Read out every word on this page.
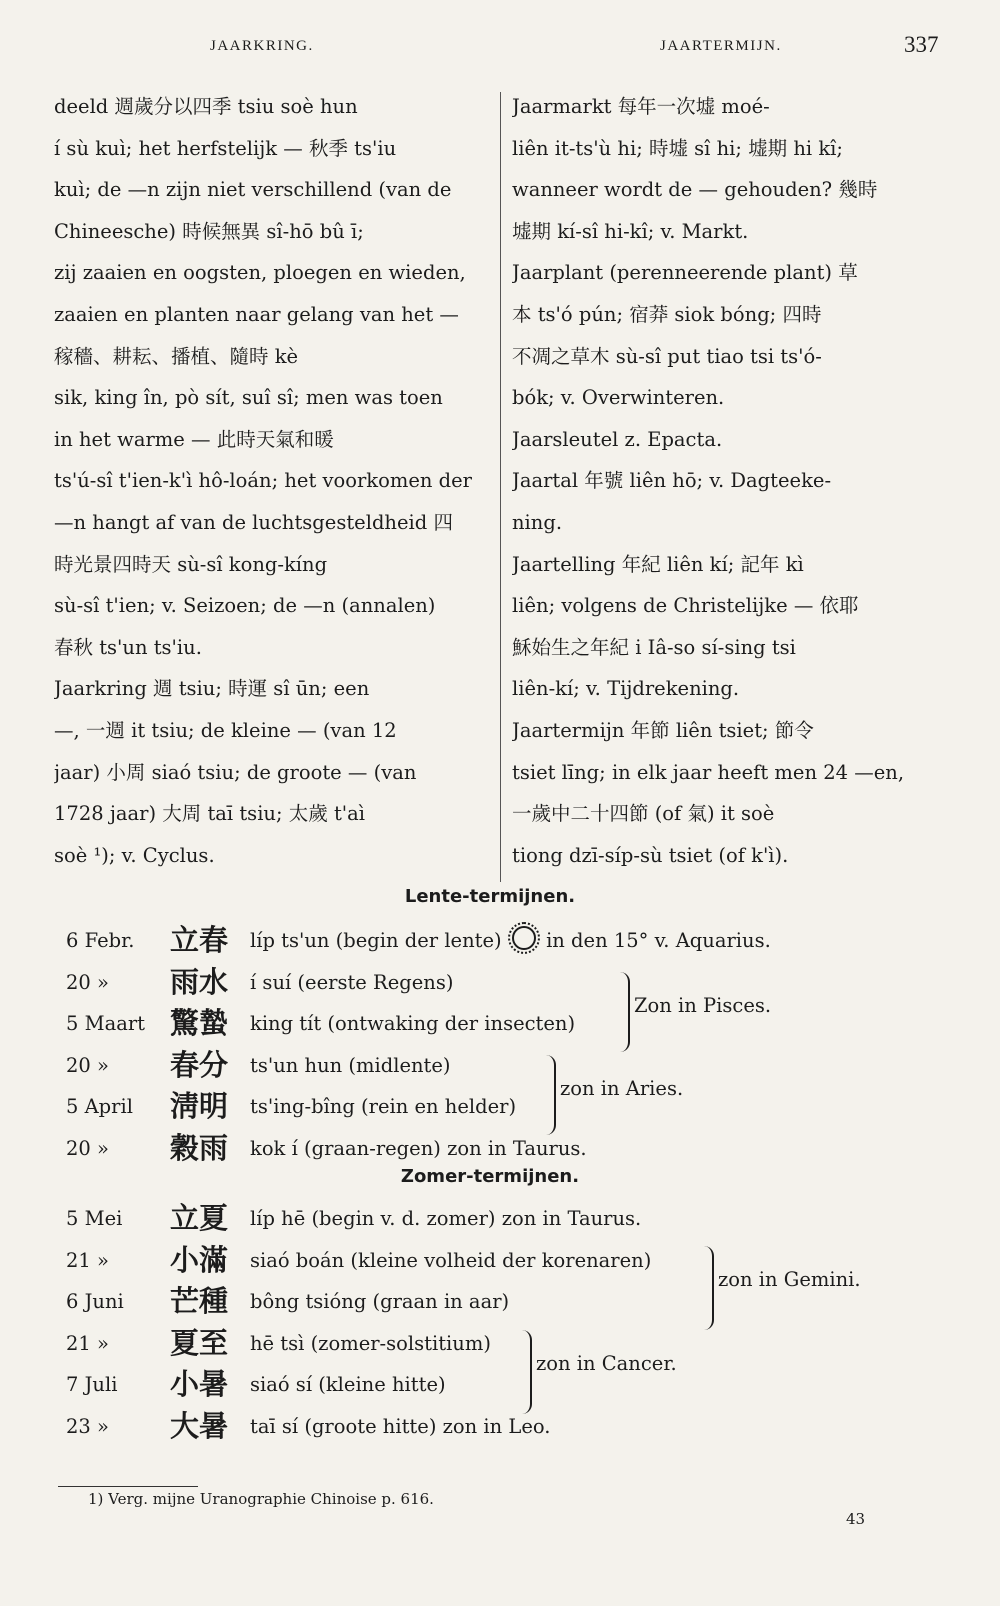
JAARKRING.	JAARTERMIJN.	337

deeld 週歲分以四季 tsiu soè hun

í sù kuì; het herfstelijk — 秋季 ts'iu

kuì; de —n zijn niet verschillend (van de

Chineesche) 時候無異 sî-hō bû ī;

zij zaaien en oogsten, ploegen en wieden,

zaaien en planten naar gelang van het —

稼穡、耕耘、播植、隨時 kè

sik, king în, pò sít, suî sî; men was toen

in het warme — 此時天氣和暖

ts'ú-sî t'ien-k'ì hô-loán; het voorkomen der

—n hangt af van de luchtsgesteldheid 四

時光景四時天 sù-sî kong-kíng

sù-sî t'ien; v. Seizoen; de —n (annalen)

春秋 ts'un ts'iu.

Jaarkring 週 tsiu; 時運 sî ūn; een

—, 一週 it tsiu; de kleine — (van 12

jaar) 小周 siaó tsiu; de groote — (van

1728 jaar) 大周 taī tsiu; 太歲 t'aì

soè ¹); v. Cyclus.

Jaarmarkt 每年一次墟 moé-

liên it-ts'ù hi; 時墟 sî hi; 墟期 hi kî;

wanneer wordt de — gehouden? 幾時

墟期 kí-sî hi-kî; v. Markt.

Jaarplant (perenneerende plant) 草

本 ts'ó pún; 宿莽 siok bóng; 四時

不凋之草木 sù-sî put tiao tsi ts'ó-

bók; v. Overwinteren.

Jaarsleutel z. Epacta.

Jaartal 年號 liên hō; v. Dagteeke-

ning.

Jaartelling 年紀 liên kí; 記年 kì

liên; volgens de Christelijke — 依耶

穌始生之年紀 i Iâ-so sí-sing tsi

liên-kí; v. Tijdrekening.

Jaartermijn 年節 liên tsiet; 節令

tsiet līng; in elk jaar heeft men 24 —en,

一歲中二十四節 (of 氣) it soè

tiong dzī-síp-sù tsiet (of k'ì).

Lente-termijnen.
6 Febr.	立春 líp ts'un (begin der lente) in den 15° v. Aquarius.
20 »	雨水 í suí (eerste Regens)
5 Maart 驚蟄 king tít (ontwaking der insecten)
20 »	春分 ts'un hun (midlente)
5 April	淸明 ts'ing-bîng (rein en helder)
20 »	穀雨 kok í (graan-regen) zon in Taurus.
Zon in Pisces.
zon in Aries.
Zomer-termijnen.
5 Mei	立夏 líp hē (begin v. d. zomer) zon in Taurus.
21 »	小滿 siaó boán (kleine volheid der korenaren)
6 Juni	芒種 bông tsióng (graan in aar)
21 »	夏至 hē tsì (zomer-solstitium)
7 Juli	小暑 siaó sí (kleine hitte)
23 »	大暑 taī sí (groote hitte) zon in Leo.
zon in Gemini.
zon in Cancer.
1) Verg. mijne Uranographie Chinoise p. 616.
43
